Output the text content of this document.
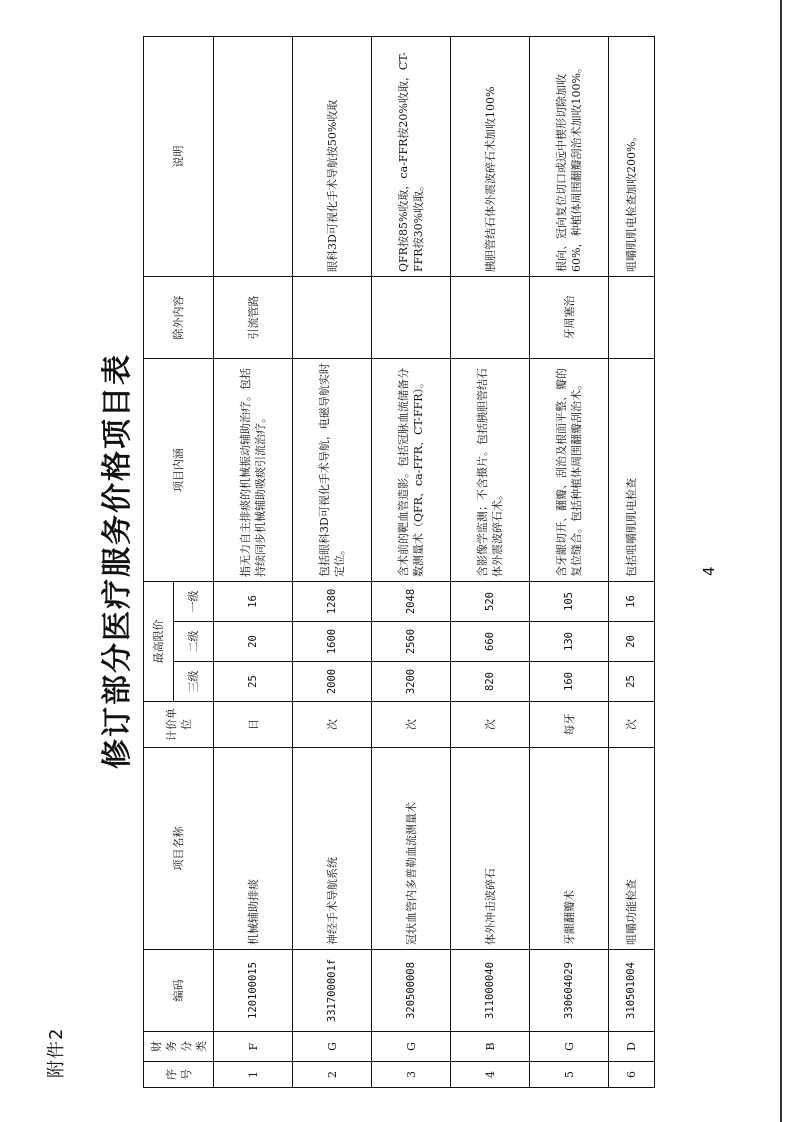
附件2
修订部分医疗服务价格项目表
序号	财务分类	编码	项目名称	计价单位	最高限价			项目内涵	除外内容	说明
					三级	二级	一级			
1	F	120100015	机械辅助排痰	日	25	20	16	指无力自主排痰的机械振动辅助治疗。包括持续同步机械辅助吸痰引流治疗。	引流管路	
2	G	331700001f	神经手术导航系统	次	2000	1600	1280	包括眼科3D可视化手术导航，电磁导航实时定位。		眼科3D可视化手术导航按50%收取
3	G	320500008	冠状血管内多普勒血流测量术	次	3200	2560	2048	含术前的靶血管造影。包括冠脉血流储备分数测量术（QFR、ca-FFR、CT-FFR）。		QFR按85%收取，ca-FFR按20%收取，CT-FFR按30%收取。
4	B	311000040	体外冲击波碎石	次	820	660	520	含影像学监测；不含摄片。包括胰胆管结石体外震波碎石术。		胰胆管结石体外震波碎石术加收100%
5	G	330604029	牙龈翻瓣术	每牙	160	130	105	含牙龈切开、翻瓣、刮治及根面平整、瓣的复位缝合。包括种植体周围翻瓣刮治术。	牙周塞治	根向、冠向复位切口或远中楔形切除加收60%，种植体周围翻瓣刮治术加收100%。
6	D	310501004	咀嚼功能检查	次	25	20	16	包括咀嚼肌肌电检查		咀嚼肌肌电检查加收200%。
4
